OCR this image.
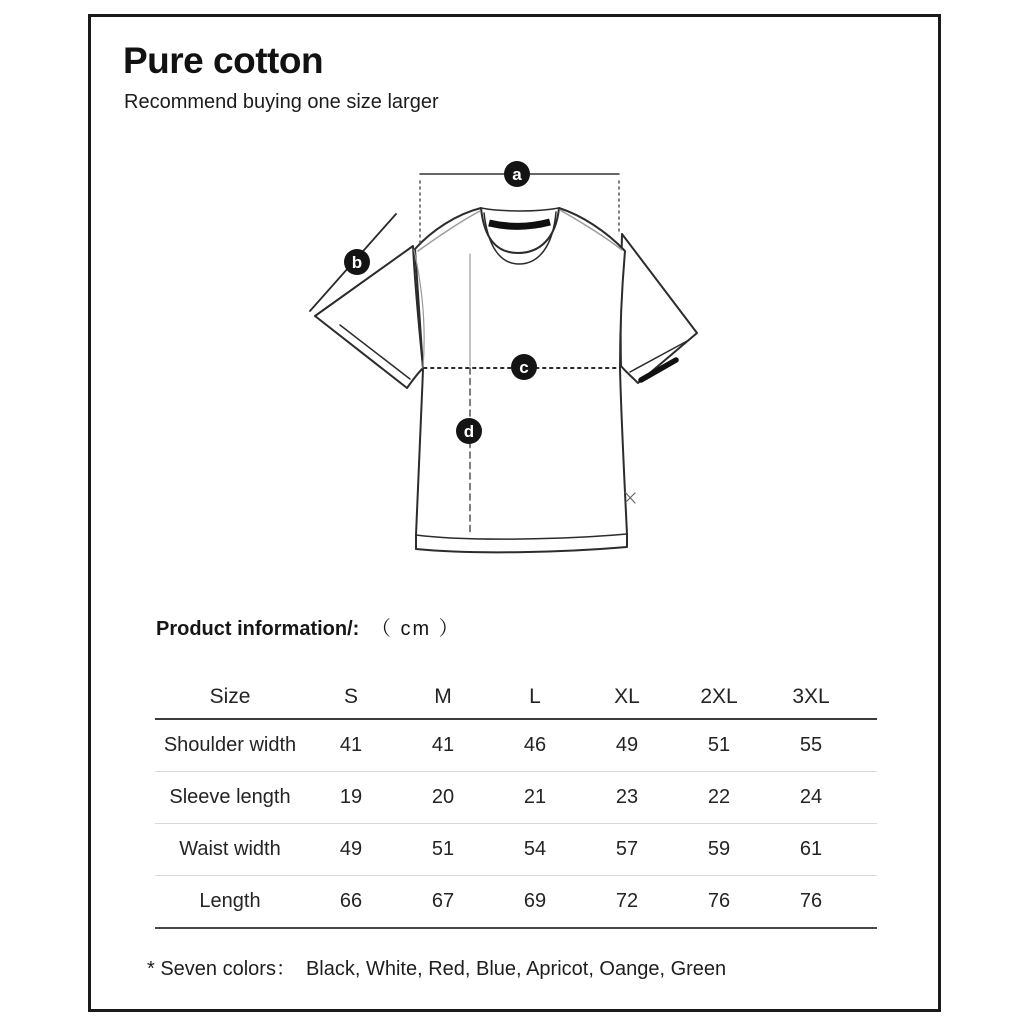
Pure cotton
Recommend buying one size larger
a
b
c
d
Product information/: （ cm ）
Size	S	M	L	XL	2XL	3XL
Shoulder width	41	41	46	49	51	55
Sleeve length	19	20	21	23	22	24
Waist width	49	51	54	57	59	61
Length	66	67	69	72	76	76
* Seven colors： Black, White, Red, Blue, Apricot, Oange, Green
